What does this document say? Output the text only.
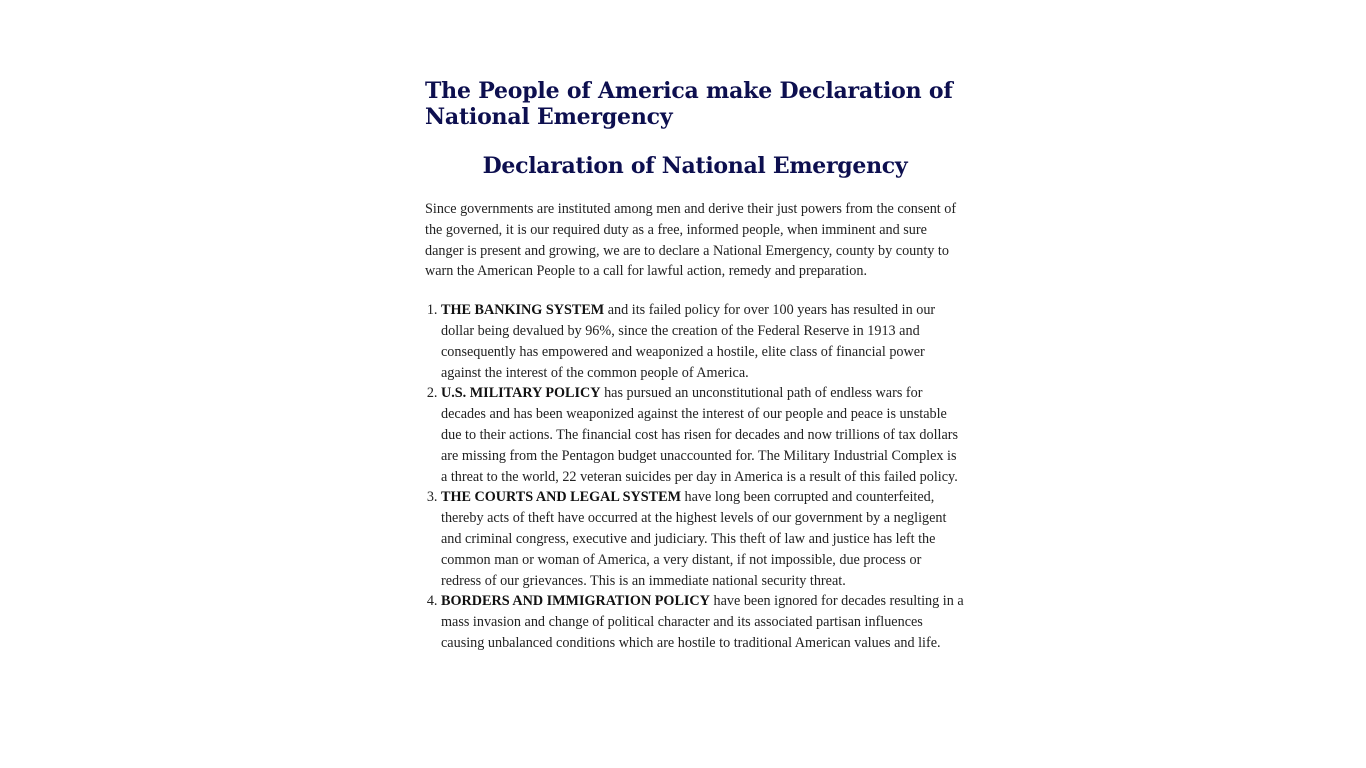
The People of America make Declaration of National Emergency
Declaration of National Emergency

Since governments are instituted among men and derive their just powers from the consent of the governed, it is our required duty as a free, informed people, when imminent and sure danger is present and growing, we are to declare a National Emergency, county by county to warn the American People to a call for lawful action, remedy and preparation.

1. THE BANKING SYSTEM and its failed policy for over 100 years has resulted in our dollar being devalued by 96%, since the creation of the Federal Reserve in 1913 and consequently has empowered and weaponized a hostile, elite class of financial power against the interest of the common people of America.
2. U.S. MILITARY POLICY has pursued an unconstitutional path of endless wars for decades and has been weaponized against the interest of our people and peace is unstable due to their actions. The financial cost has risen for decades and now trillions of tax dollars are missing from the Pentagon budget unaccounted for. The Military Industrial Complex is a threat to the world, 22 veteran suicides per day in America is a result of this failed policy.
3. THE COURTS AND LEGAL SYSTEM have long been corrupted and counterfeited, thereby acts of theft have occurred at the highest levels of our government by a negligent and criminal congress, executive and judiciary. This theft of law and justice has left the common man or woman of America, a very distant, if not impossible, due process or redress of our grievances. This is an immediate national security threat.
4. BORDERS AND IMMIGRATION POLICY have been ignored for decades resulting in a mass invasion and change of political character and its associated partisan influences causing unbalanced conditions which are hostile to traditional American values and life.
